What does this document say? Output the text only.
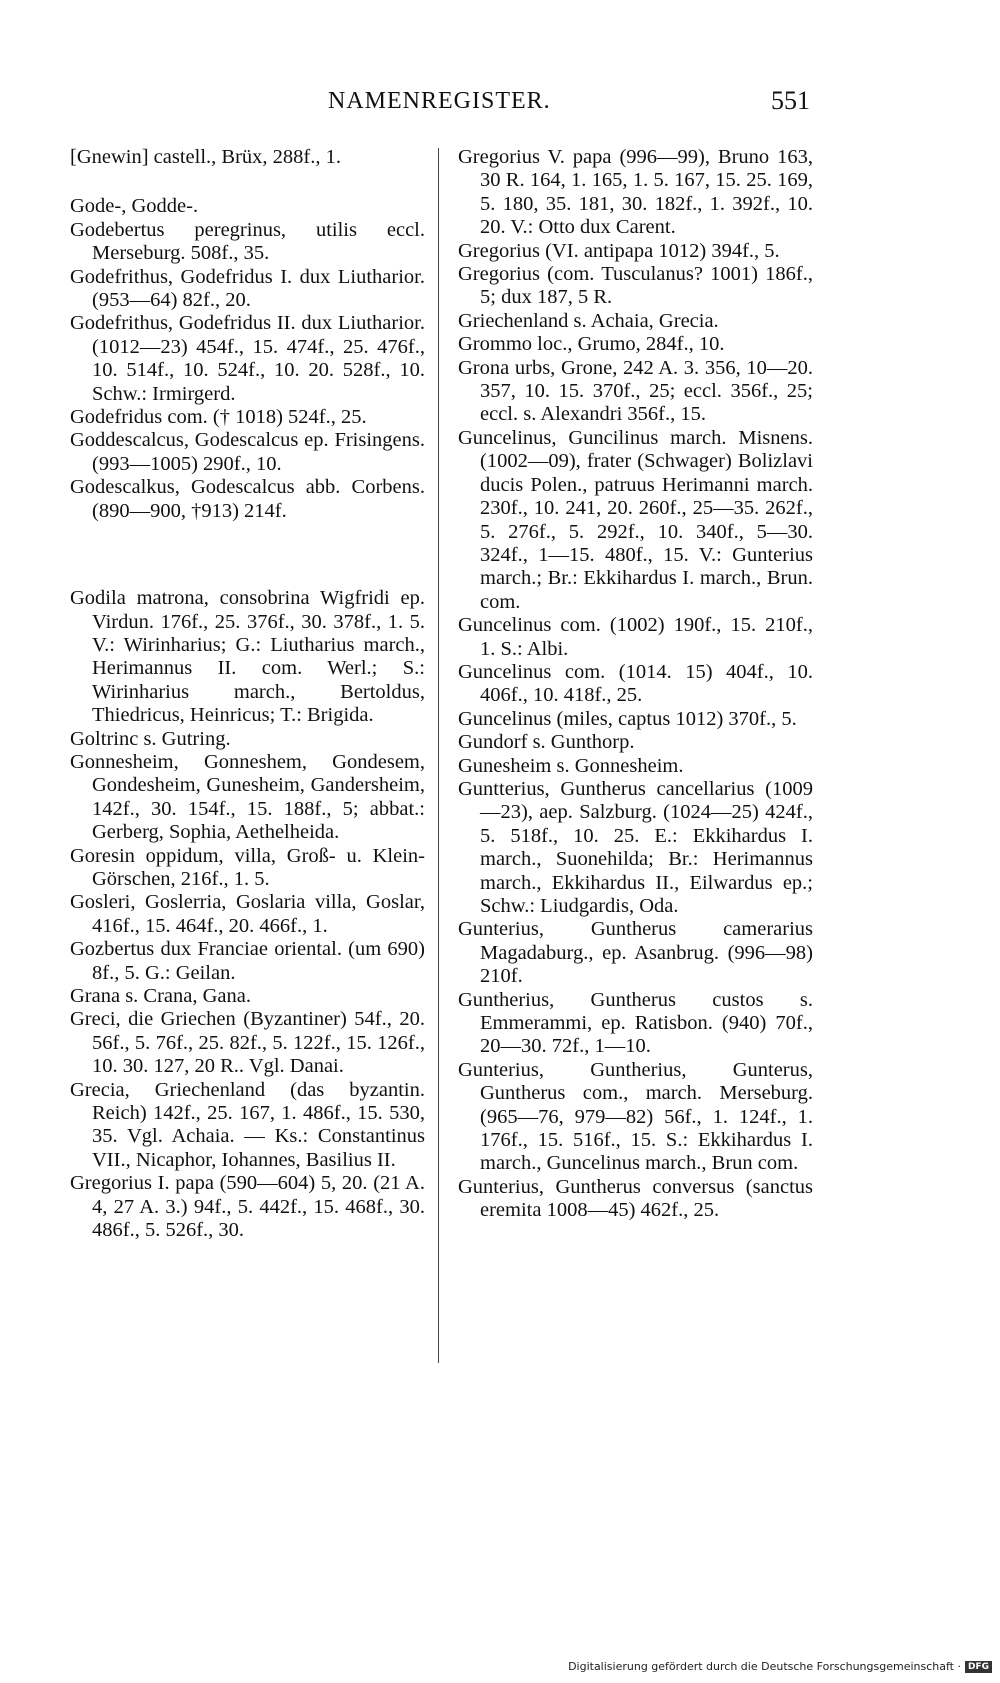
NAMENREGISTER.	551

[Gnewin] castell., Brüx, 288f., 1.

Gode-, Godde-.

Godebertus peregrinus, utilis eccl. Merseburg. 508f., 35.

Godefrithus, Godefridus I. dux Liutharior. (953—64) 82f., 20.

Godefrithus, Godefridus II. dux Liutharior. (1012—23) 454f., 15. 474f., 25. 476f., 10. 514f., 10. 524f., 10. 20. 528f., 10. Schw.: Irmirgerd.

Godefridus com. († 1018) 524f., 25.

Goddescalcus, Godescalcus ep. Frisingens. (993—1005) 290f., 10.

Godescalkus, Godescalcus abb. Corbens. (890—900, †913) 214f.

Godila matrona, consobrina Wigfridi ep. Virdun. 176f., 25. 376f., 30. 378f., 1. 5. V.: Wirinharius; G.: Liutharius march., Herimannus II. com. Werl.; S.: Wirinharius march., Bertoldus, Thiedricus, Heinricus; T.: Brigida.

Goltrinc s. Gutring.

Gonnesheim, Gonneshem, Gondesem, Gondesheim, Gunesheim, Gandersheim, 142f., 30. 154f., 15. 188f., 5; abbat.: Gerberg, Sophia, Aethelheida.

Goresin oppidum, villa, Groß- u. Klein-Görschen, 216f., 1. 5.

Gosleri, Goslerria, Goslaria villa, Goslar, 416f., 15. 464f., 20. 466f., 1.

Gozbertus dux Franciae oriental. (um 690) 8f., 5. G.: Geilan.

Grana s. Crana, Gana.

Greci, die Griechen (Byzantiner) 54f., 20. 56f., 5. 76f., 25. 82f., 5. 122f., 15. 126f., 10. 30. 127, 20 R.. Vgl. Danai.

Grecia, Griechenland (das byzantin. Reich) 142f., 25. 167, 1. 486f., 15. 530, 35. Vgl. Achaia. — Ks.: Constantinus VII., Nicaphor, Iohannes, Basilius II.

Gregorius I. papa (590—604) 5, 20. (21 A. 4, 27 A. 3.) 94f., 5. 442f., 15. 468f., 30. 486f., 5. 526f., 30.

Gregorius V. papa (996—99), Bruno 163, 30 R. 164, 1. 165, 1. 5. 167, 15. 25. 169, 5. 180, 35. 181, 30. 182f., 1. 392f., 10. 20. V.: Otto dux Carent.

Gregorius (VI. antipapa 1012) 394f., 5.

Gregorius (com. Tusculanus? 1001) 186f., 5; dux 187, 5 R.

Griechenland s. Achaia, Grecia.

Grommo loc., Grumo, 284f., 10.

Grona urbs, Grone, 242 A. 3. 356, 10—20. 357, 10. 15. 370f., 25; eccl. 356f., 25; eccl. s. Alexandri 356f., 15.

Guncelinus, Guncilinus march. Misnens. (1002—09), frater (Schwager) Bolizlavi ducis Polen., patruus Herimanni march. 230f., 10. 241, 20. 260f., 25—35. 262f., 5. 276f., 5. 292f., 10. 340f., 5—30. 324f., 1—15. 480f., 15. V.: Gunterius march.; Br.: Ekkihardus I. march., Brun. com.

Guncelinus com. (1002) 190f., 15. 210f., 1. S.: Albi.

Guncelinus com. (1014. 15) 404f., 10. 406f., 10. 418f., 25.

Guncelinus (miles, captus 1012) 370f., 5.

Gundorf s. Gunthorp.

Gunesheim s. Gonnesheim.

Guntterius, Guntherus cancellarius (1009—23), aep. Salzburg. (1024—25) 424f., 5. 518f., 10. 25. E.: Ekkihardus I. march., Suonehilda; Br.: Herimannus march., Ekkihardus II., Eilwardus ep.; Schw.: Liudgardis, Oda.

Gunterius, Guntherus camerarius Magadaburg., ep. Asanbrug. (996—98) 210f.

Guntherius, Guntherus custos s. Emmerammi, ep. Ratisbon. (940) 70f., 20—30. 72f., 1—10.

Gunterius, Guntherius, Gunterus, Guntherus com., march. Merseburg. (965—76, 979—82) 56f., 1. 124f., 1. 176f., 15. 516f., 15. S.: Ekkihardus I. march., Guncelinus march., Brun com.

Gunterius, Guntherus conversus (sanctus eremita 1008—45) 462f., 25.

Digitalisierung gefördert durch die Deutsche Forschungsgemeinschaft · DFG
